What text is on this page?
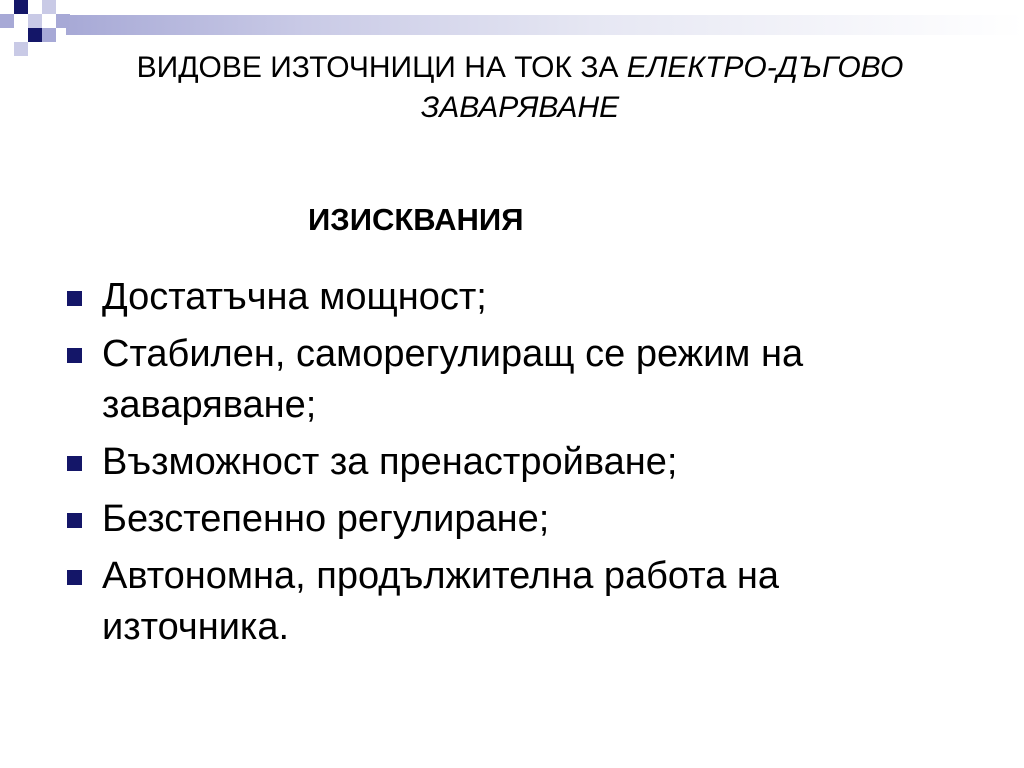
ВИДОВЕ ИЗТОЧНИЦИ НА ТОК ЗА ЕЛЕКТРО-ДЪГОВО ЗАВАРЯВАНЕ
ИЗИСКВАНИЯ
Достатъчна мощност;
Стабилен, саморегулиращ се режим на заваряване;
Възможност за пренастройване;
Безстепенно регулиране;
Автономна, продължителна работа на източника.
